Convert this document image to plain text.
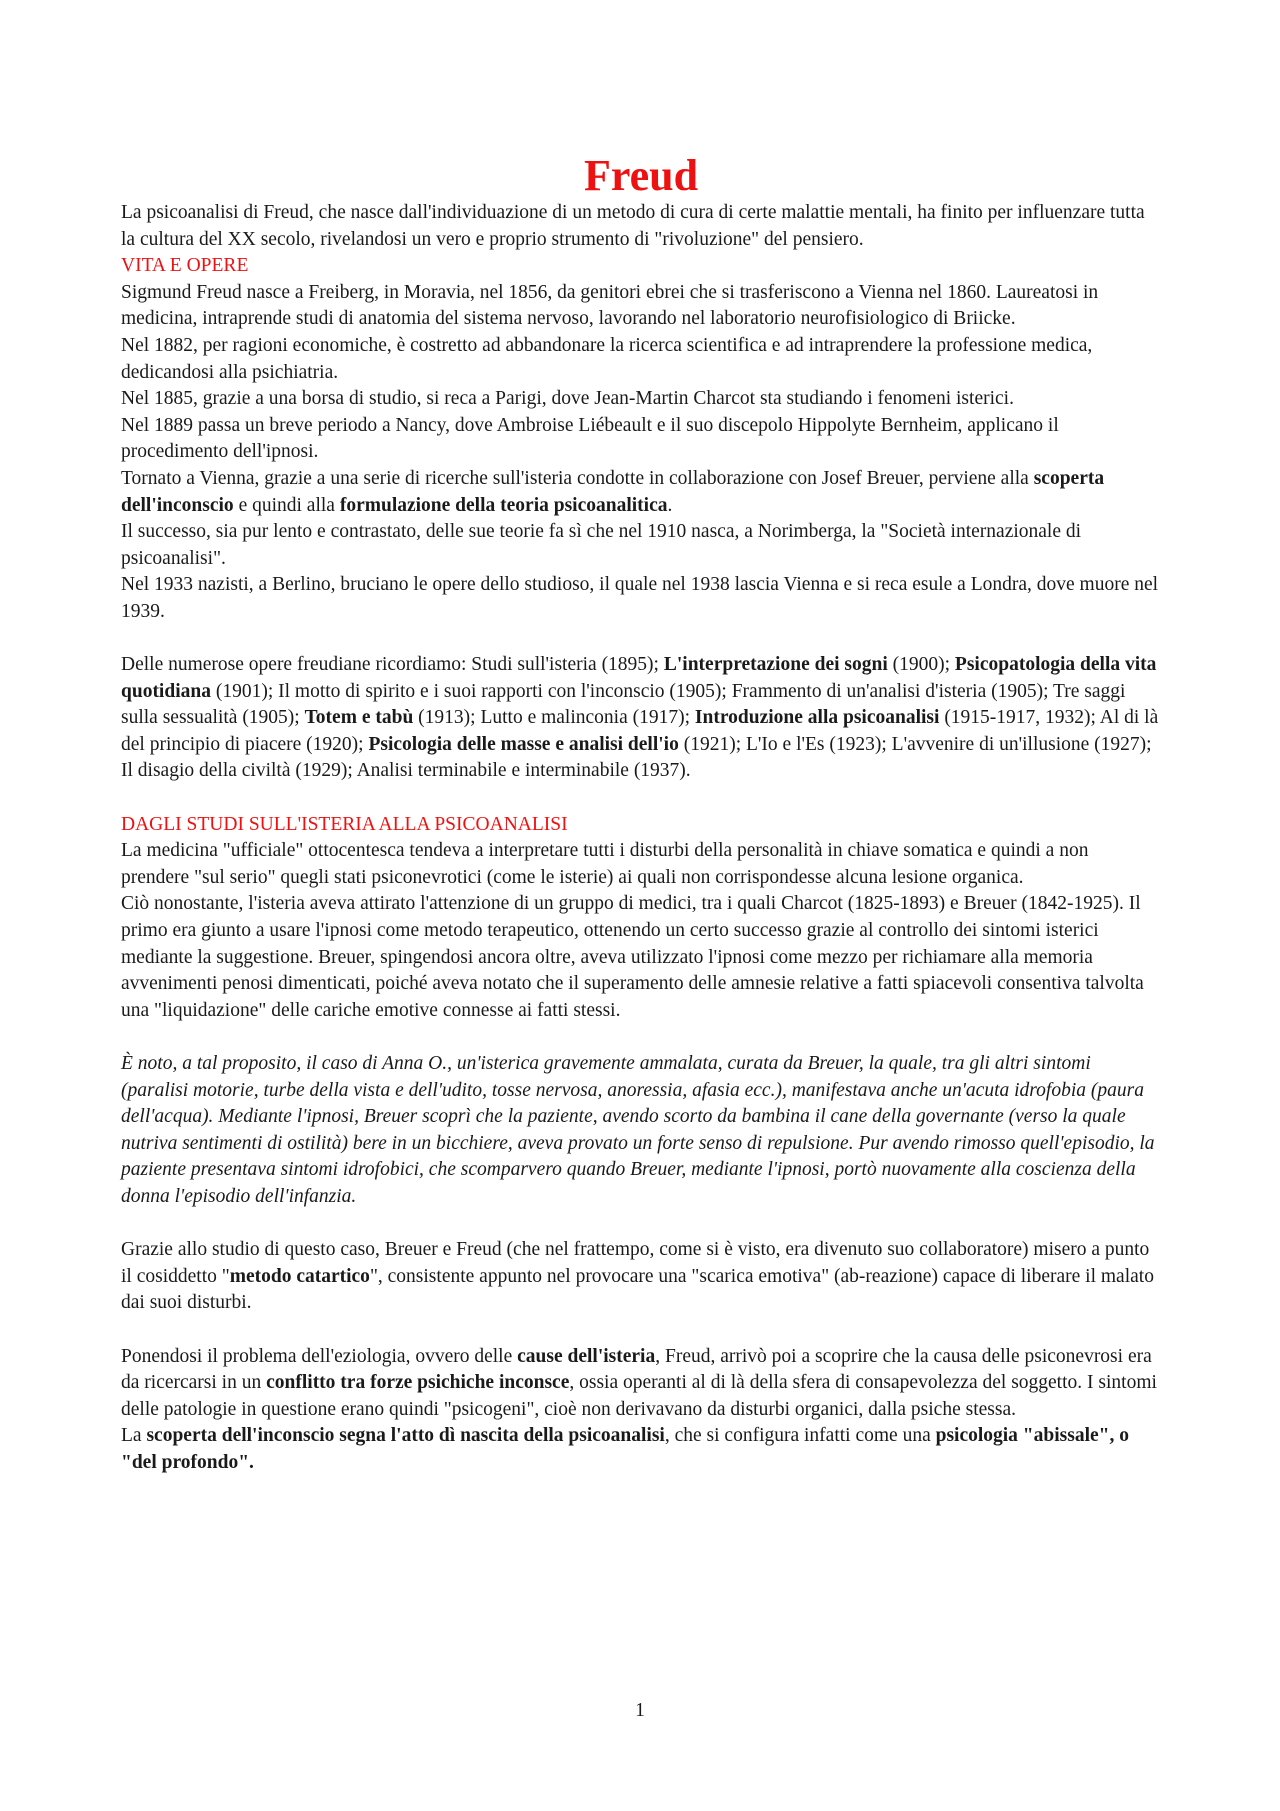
Freud

La psicoanalisi di Freud, che nasce dall'individuazione di un metodo di cura di certe malattie mentali, ha finito per influenzare tutta la cultura del XX secolo, rivelandosi un vero e proprio strumento di "rivoluzione" del pensiero.

VITA E OPERE

Sigmund Freud nasce a Freiberg, in Moravia, nel 1856, da genitori ebrei che si trasferiscono a Vienna nel 1860. Laureatosi in medicina, intraprende studi di anatomia del sistema nervoso, lavorando nel laboratorio neurofisiologico di Briicke.

Nel 1882, per ragioni economiche, è costretto ad abbandonare la ricerca scientifica e ad intraprendere la professione medica, dedicandosi alla psichiatria.

Nel 1885, grazie a una borsa di studio, si reca a Parigi, dove Jean-Martin Charcot sta studiando i fenomeni isterici.

Nel 1889 passa un breve periodo a Nancy, dove Ambroise Liébeault e il suo discepolo Hippolyte Bernheim, applicano il procedimento dell'ipnosi.

Tornato a Vienna, grazie a una serie di ricerche sull'isteria condotte in collaborazione con Josef Breuer, perviene alla scoperta dell'inconscio e quindi alla formulazione della teoria psicoanalitica.

Il successo, sia pur lento e contrastato, delle sue teorie fa sì che nel 1910 nasca, a Norimberga, la "Società internazionale di psicoanalisi".

Nel 1933 nazisti, a Berlino, bruciano le opere dello studioso, il quale nel 1938 lascia Vienna e si reca esule a Londra, dove muore nel 1939.

Delle numerose opere freudiane ricordiamo: Studi sull'isteria (1895); L'interpretazione dei sogni (1900); Psicopatologia della vita quotidiana (1901); Il motto di spirito e i suoi rapporti con l'inconscio (1905); Frammento di un'analisi d'isteria (1905); Tre saggi sulla sessualità (1905); Totem e tabù (1913); Lutto e malinconia (1917); Introduzione alla psicoanalisi (1915-1917, 1932); Al di là del principio di piacere (1920); Psicologia delle masse e analisi dell'io (1921); L'Io e l'Es (1923); L'avvenire di un'illusione (1927); Il disagio della civiltà (1929); Analisi terminabile e interminabile (1937).

DAGLI STUDI SULL'ISTERIA ALLA PSICOANALISI

La medicina "ufficiale" ottocentesca tendeva a interpretare tutti i disturbi della personalità in chiave somatica e quindi a non prendere "sul serio" quegli stati psiconevrotici (come le isterie) ai quali non corrispondesse alcuna lesione organica.

Ciò nonostante, l'isteria aveva attirato l'attenzione di un gruppo di medici, tra i quali Charcot (1825-1893) e Breuer (1842-1925). Il primo era giunto a usare l'ipnosi come metodo terapeutico, ottenendo un certo successo grazie al controllo dei sintomi isterici mediante la suggestione. Breuer, spingendosi ancora oltre, aveva utilizzato l'ipnosi come mezzo per richiamare alla memoria avvenimenti penosi dimenticati, poiché aveva notato che il superamento delle amnesie relative a fatti spiacevoli consentiva talvolta una "liquidazione" delle cariche emotive connesse ai fatti stessi.

È noto, a tal proposito, il caso di Anna O., un'isterica gravemente ammalata, curata da Breuer, la quale, tra gli altri sintomi (paralisi motorie, turbe della vista e dell'udito, tosse nervosa, anoressia, afasia ecc.), manifestava anche un'acuta idrofobia (paura dell'acqua). Mediante l'ipnosi, Breuer scoprì che la paziente, avendo scorto da bambina il cane della governante (verso la quale nutriva sentimenti di ostilità) bere in un bicchiere, aveva provato un forte senso di repulsione. Pur avendo rimosso quell'episodio, la paziente presentava sintomi idrofobici, che scomparvero quando Breuer, mediante l'ipnosi, portò nuovamente alla coscienza della donna l'episodio dell'infanzia.

Grazie allo studio di questo caso, Breuer e Freud (che nel frattempo, come si è visto, era divenuto suo collaboratore) misero a punto il cosiddetto "metodo catartico", consistente appunto nel provocare una "scarica emotiva" (ab-reazione) capace di liberare il malato dai suoi disturbi.

Ponendosi il problema dell'eziologia, ovvero delle cause dell'isteria, Freud, arrivò poi a scoprire che la causa delle psiconevrosi era da ricercarsi in un conflitto tra forze psichiche inconsce, ossia operanti al di là della sfera di consapevolezza del soggetto. I sintomi delle patologie in questione erano quindi "psicogeni", cioè non derivavano da disturbi organici, dalla psiche stessa.

La scoperta dell'inconscio segna l'atto dì nascita della psicoanalisi, che si configura infatti come una psicologia "abissale", o "del profondo".

1
